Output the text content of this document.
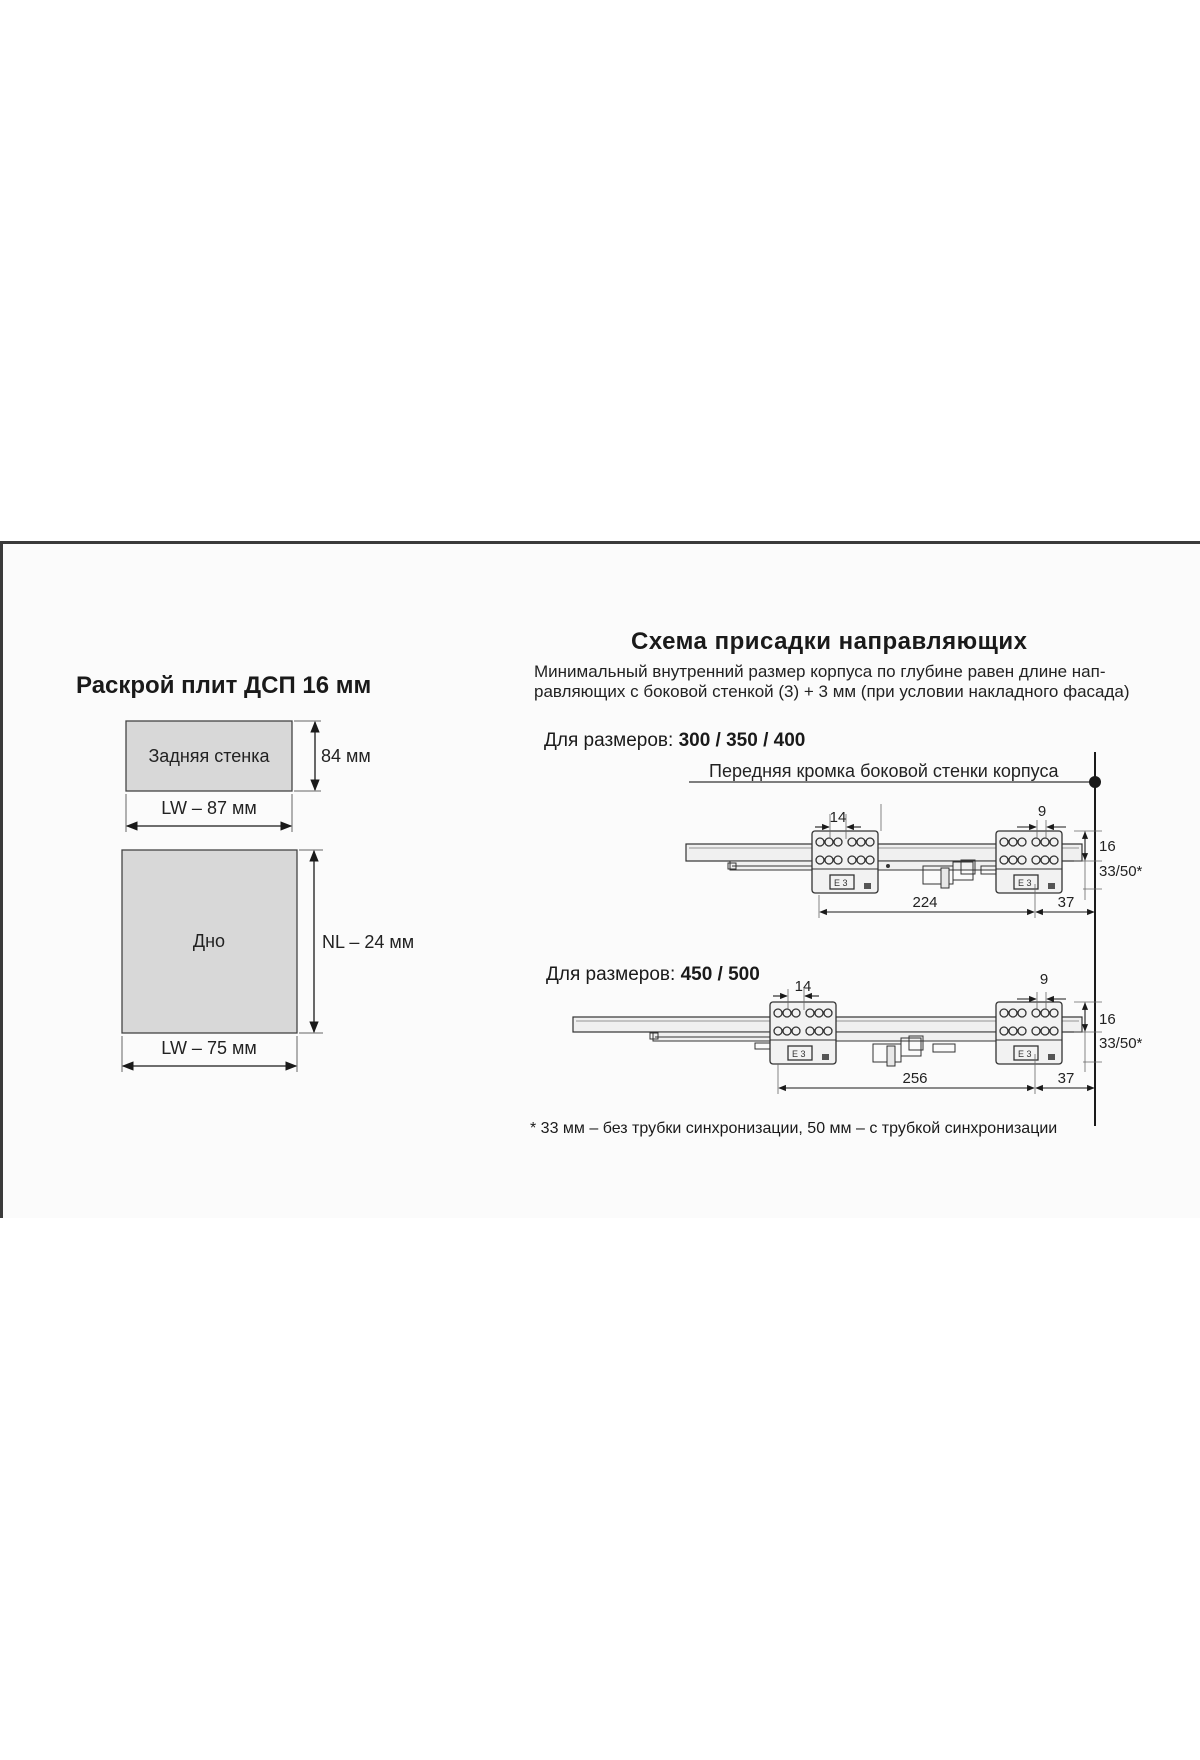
Раскрой плит ДСП 16 мм
Задняя стенка	84 мм
LW – 87 мм
Дно	NL – 24 мм
LW – 75 мм
Схема присадки направляющих
Минимальный внутренний размер корпуса по глубине равен длине нап-
равляющих с боковой стенкой (3) + 3 мм (при условии накладного фасада)
Для размеров: 300 / 350 / 400
Для размеров: 450 / 500
* 33 мм – без трубки синхронизации, 50 мм – с трубкой синхронизации
E 3
Передняя кромка боковой стенки корпуса
14	9
16
33/50*
224	37
14	9
16
33/50*
256	37
